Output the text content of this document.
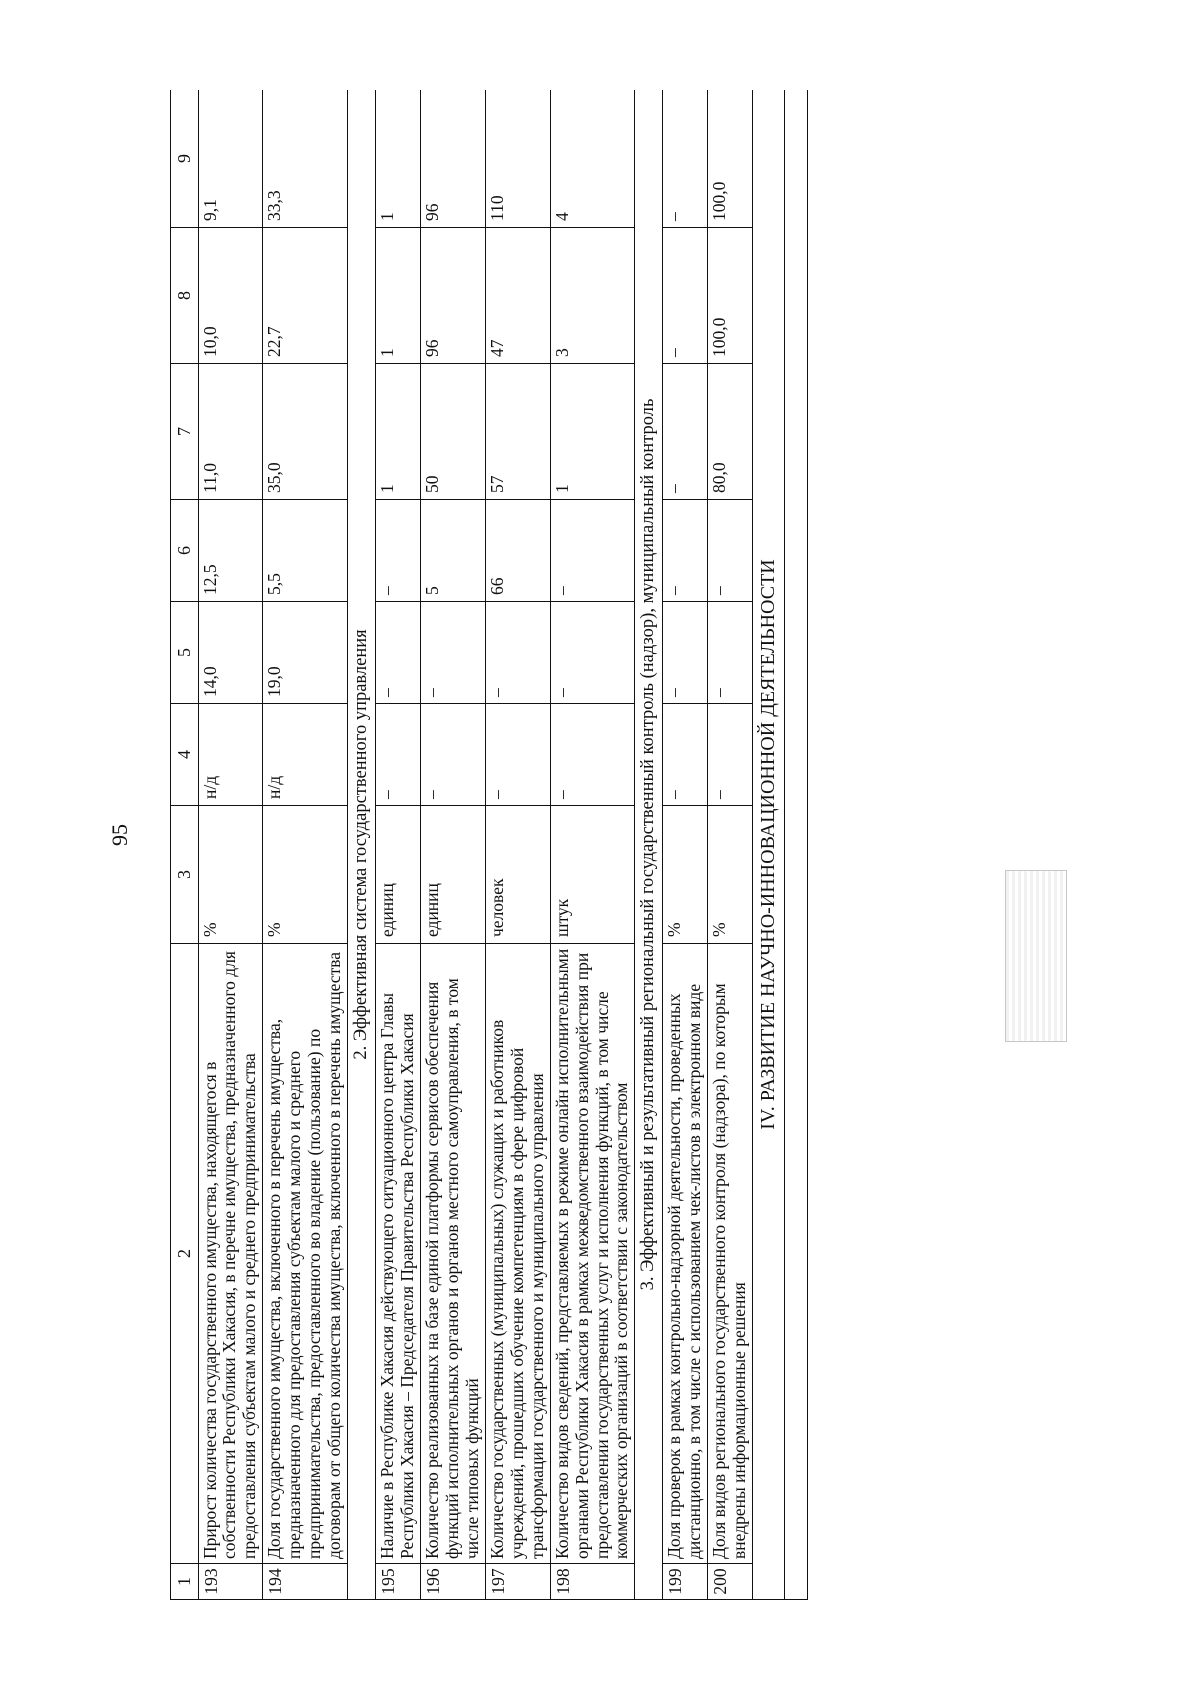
95
1	2	3	4	5	6	7	8	9
193	Прирост количества государственного имущества, находящегося в собственности Республики Хакасия, в перечне имущества, предназначенного для предоставления субъектам малого и среднего предпринимательства	%	н/д	14,0	12,5	11,0	10,0	9,1
194	Доля государственного имущества, включенного в перечень имущества, предназначенного для предоставления субъектам малого и среднего предпринимательства, предоставленного во владение (пользование) по договорам от общего количества имущества, включенного в перечень имущества	%	н/д	19,0	5,5	35,0	22,7	33,3
2. Эффективная система государственного управления								
195	Наличие в Республике Хакасия действующего ситуационного центра Главы Республики Хакасия – Председателя Правительства Республики Хакасия	единиц	–	–	–	1	1	1
196	Количество реализованных на базе единой платформы сервисов обеспечения функций исполнительных органов и органов местного самоуправления, в том числе типовых функций	единиц	–	–	5	50	96	96
197	Количество государственных (муниципальных) служащих и работников учреждений, прошедших обучение компетенциям в сфере цифровой трансформации государственного и муниципального управления	человек	–	–	66	57	47	110
198	Количество видов сведений, представляемых в режиме онлайн исполнительными органами Республики Хакасия в рамках межведомственного взаимодействия при предоставлении государственных услуг и исполнения функций, в том числе коммерческих организаций в соответствии с законодательством	штук	–	–	–	1	3	4
3. Эффективный и результативный региональный государственный контроль (надзор), муниципальный контроль								
199	Доля проверок в рамках контрольно-надзорной деятельности, проведенных дистанционно, в том числе с использованием чек-листов в электронном виде	%	–	–	–	–	–	–
200	Доля видов регионального государственного контроля (надзора), по которым внедрены информационные решения	%	–	–	–	80,0	100,0	100,0
IV. РАЗВИТИЕ НАУЧНО-ИННОВАЦИОННОЙ ДЕЯТЕЛЬНОСТИ								
